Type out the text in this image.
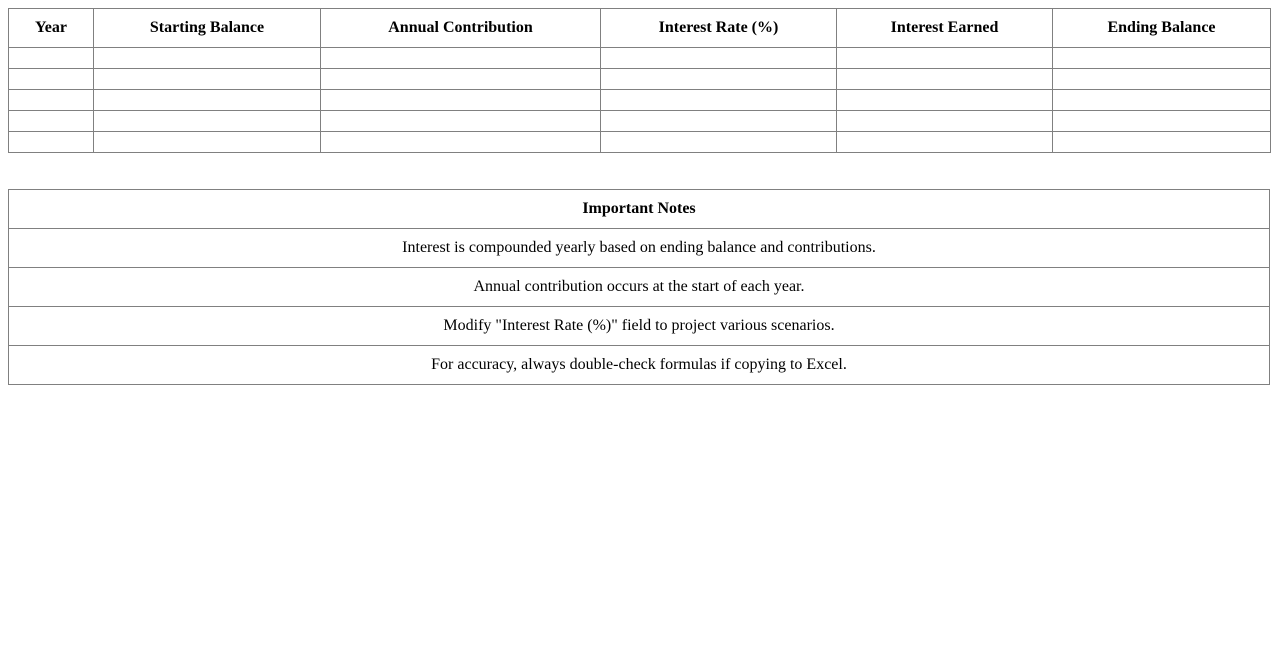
Year	Starting Balance	Annual Contribution	Interest Rate (%)	Interest Earned	Ending Balance

Important Notes
Interest is compounded yearly based on ending balance and contributions.
Annual contribution occurs at the start of each year.
Modify "Interest Rate (%)" field to project various scenarios.
For accuracy, always double-check formulas if copying to Excel.
